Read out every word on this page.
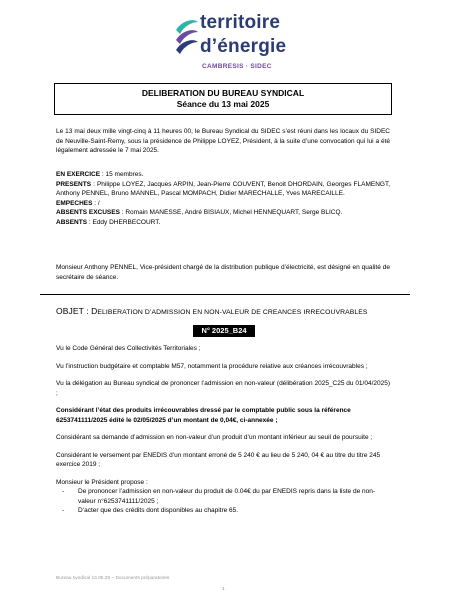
territoire
d’énergie
CAMBRESIS · SIDEC
DELIBERATION DU BUREAU SYNDICAL
Séance du 13 mai 2025

Le 13 mai deux mille vingt-cinq à 11 heures 00, le Bureau Syndical du SIDEC s’est réuni dans les locaux du SIDEC de Neuville-Saint-Remy, sous la présidence de Philippe LOYEZ, Président, à la suite d’une convocation qui lui a été légalement adressée le 7 mai 2025.

EN EXERCICE : 15 membres.

PRESENTS : Philippe LOYEZ, Jacques ARPIN, Jean-Pierre COUVENT, Benoit DHORDAIN, Georges FLAMENGT, Anthony PENNEL, Bruno MANNEL, Pascal MOMPACH, Didier MARECHALLE, Yves MARECAILLE.

EMPECHES : /

ABSENTS EXCUSES : Romain MANESSE, André BISIAUX, Michel HENNEQUART, Serge BLICQ.

ABSENTS : Eddy DHERBECOURT.

Monsieur Anthony PENNEL, Vice-président chargé de la distribution publique d’électricité, est désigné en qualité de secrétaire de séance.

OBJET : DELIBERATION D’ADMISSION EN NON-VALEUR DE CREANCES IRRECOUVRABLES
N° 2025_B24

Vu le Code Général des Collectivités Territoriales ;

Vu l’instruction budgétaire et comptable M57, notamment la procédure relative aux créances irrécouvrables ;

Vu la délégation au Bureau syndical de prononcer l’admission en non-valeur (délibération 2025_C25 du 01/04/2025) ;

Considérant l’état des produits irrécouvrables dressé par le comptable public sous la référence 6253741111/2025 édité le 02/05/2025 d’un montant de 0,04€, ci-annexée ;

Considérant sa demande d’admission en non-valeur d’un produit d’un montant inférieur au seuil de poursuite ;

Considérant le versement par ENEDIS d’un montant erroné de 5 240 € au lieu de 5 240, 04 € au titre du titre 245 exercice 2019 ;

Monsieur le Président propose :

- De prononcer l’admission en non-valeur du produit de 0.04€ du par ENEDIS repris dans la liste de non-valeur n°6253741111/2025 ;
- D’acter que des crédits dont disponibles au chapitre 65.
Bureau syndical 13.05.25 – Documents préparatoires
1
